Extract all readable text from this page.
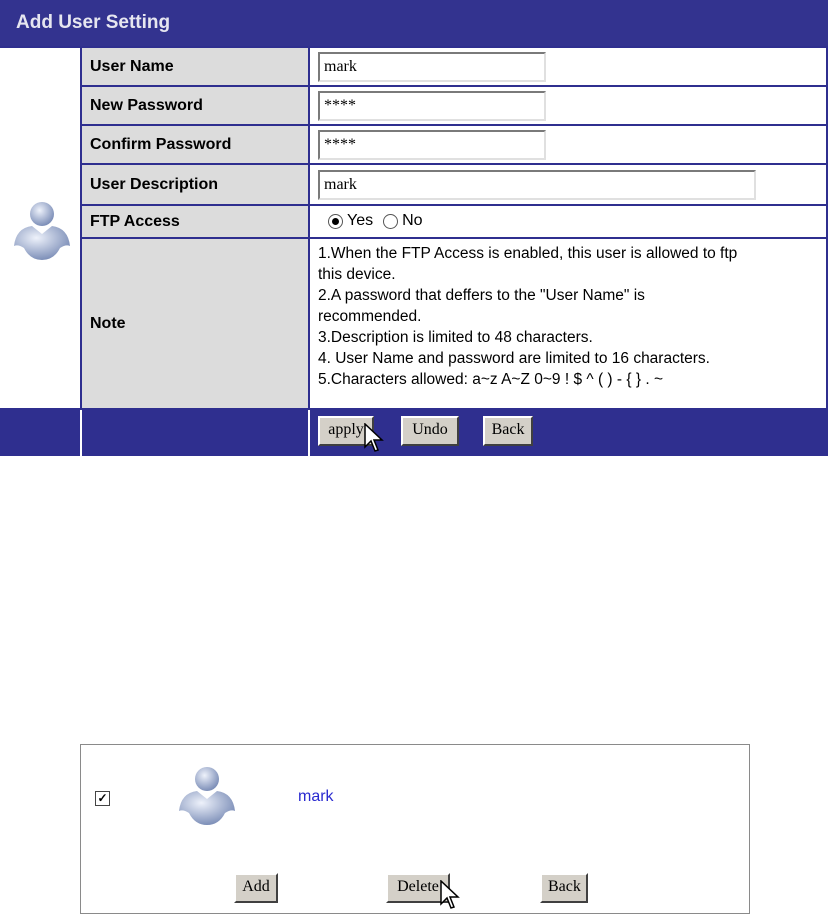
Add User Setting
User Name	mark
New Password	****
Confirm Password	****
User Description	mark
FTP Access	Yes No
Note
1.When the FTP Access is enabled, this user is allowed to ftp
this device.
2.A password that deffers to the "User Name" is
recommended.
3.Description is limited to 48 characters.
4. User Name and password are limited to 16 characters.
5.Characters allowed: a~z A~Z 0~9 ! $ ^ ( ) - { } . ~
apply	Undo	Back
✓	mark
Add	Delete	Back
